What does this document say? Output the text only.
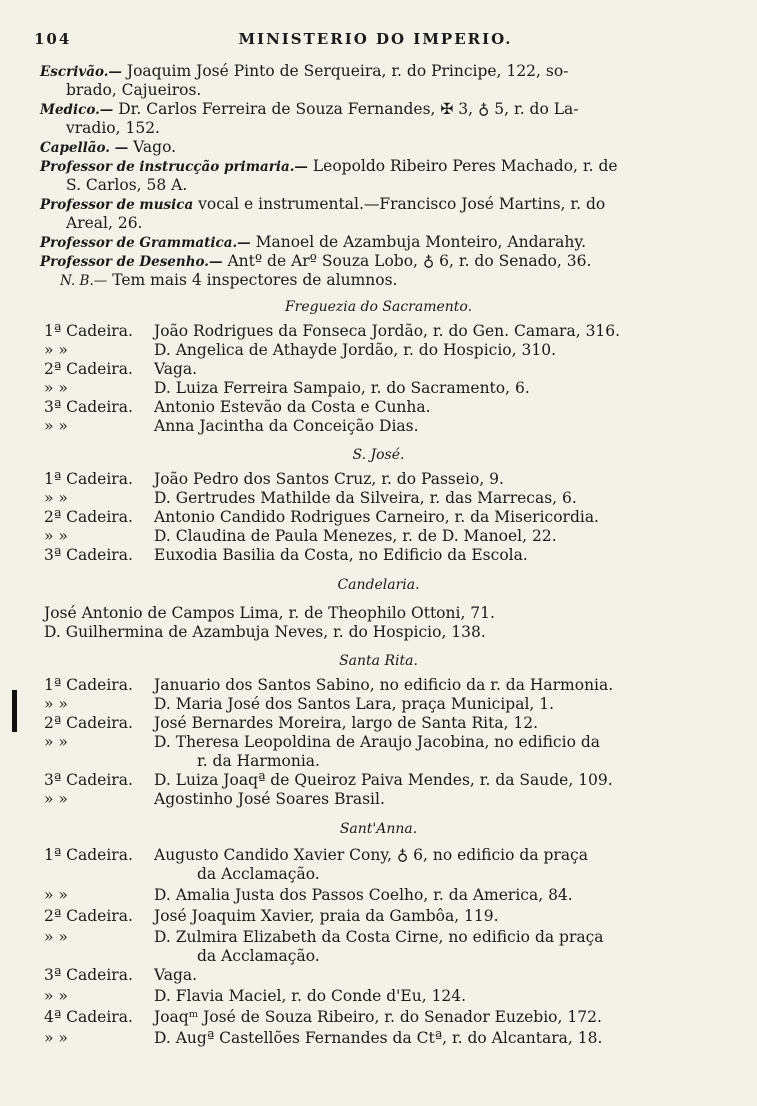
104	MINISTERIO DO IMPERIO.
Escrivão.— Joaquim José Pinto de Serqueira, r. do Principe, 122, so-
brado, Cajueiros.
Medico.— Dr. Carlos Ferreira de Souza Fernandes, ✠ 3, ♁ 5, r. do La-
vradio, 152.
Capellão. — Vago.
Professor de instrucção primaria.— Leopoldo Ribeiro Peres Machado, r. de
S. Carlos, 58 A.
Professor de musica vocal e instrumental.—Francisco José Martins, r. do
Areal, 26.
Professor de Grammatica.— Manoel de Azambuja Monteiro, Andarahy.
Professor de Desenho.— Antº de Arº Souza Lobo, ♁ 6, r. do Senado, 36.
N. B.— Tem mais 4 inspectores de alumnos.
Freguezia do Sacramento.
1ª Cadeira. João Rodrigues da Fonseca Jordão, r. do Gen. Camara, 316.
» »	D. Angelica de Athayde Jordão, r. do Hospicio, 310.
2ª Cadeira. Vaga.
» »	D. Luiza Ferreira Sampaio, r. do Sacramento, 6.
3ª Cadeira. Antonio Estevão da Costa e Cunha.
» »	Anna Jacintha da Conceição Dias.
S. José.
1ª Cadeira. João Pedro dos Santos Cruz, r. do Passeio, 9.
» »	D. Gertrudes Mathilde da Silveira, r. das Marrecas, 6.
2ª Cadeira. Antonio Candido Rodrigues Carneiro, r. da Misericordia.
» »	D. Claudina de Paula Menezes, r. de D. Manoel, 22.
3ª Cadeira. Euxodia Basilia da Costa, no Edificio da Escola.
Candelaria.
José Antonio de Campos Lima, r. de Theophilo Ottoni, 71.
D. Guilhermina de Azambuja Neves, r. do Hospicio, 138.
Santa Rita.
1ª Cadeira. Januario dos Santos Sabino, no edificio da r. da Harmonia.
» »	D. Maria José dos Santos Lara, praça Municipal, 1.
2ª Cadeira. José Bernardes Moreira, largo de Santa Rita, 12.
» »	D. Theresa Leopoldina de Araujo Jacobina, no edificio da
r. da Harmonia.
3ª Cadeira. D. Luiza Joaqª de Queiroz Paiva Mendes, r. da Saude, 109.
» »	Agostinho José Soares Brasil.
Sant'Anna.
1ª Cadeira. Augusto Candido Xavier Cony, ♁ 6, no edificio da praça
da Acclamação.
» »	D. Amalia Justa dos Passos Coelho, r. da America, 84.
2ª Cadeira. José Joaquim Xavier, praia da Gambôa, 119.
» »	D. Zulmira Elizabeth da Costa Cirne, no edificio da praça
da Acclamação.
3ª Cadeira. Vaga.
» »	D. Flavia Maciel, r. do Conde d'Eu, 124.
4ª Cadeira. Joaqᵐ José de Souza Ribeiro, r. do Senador Euzebio, 172.
» »	D. Augª Castellões Fernandes da Ctª, r. do Alcantara, 18.
